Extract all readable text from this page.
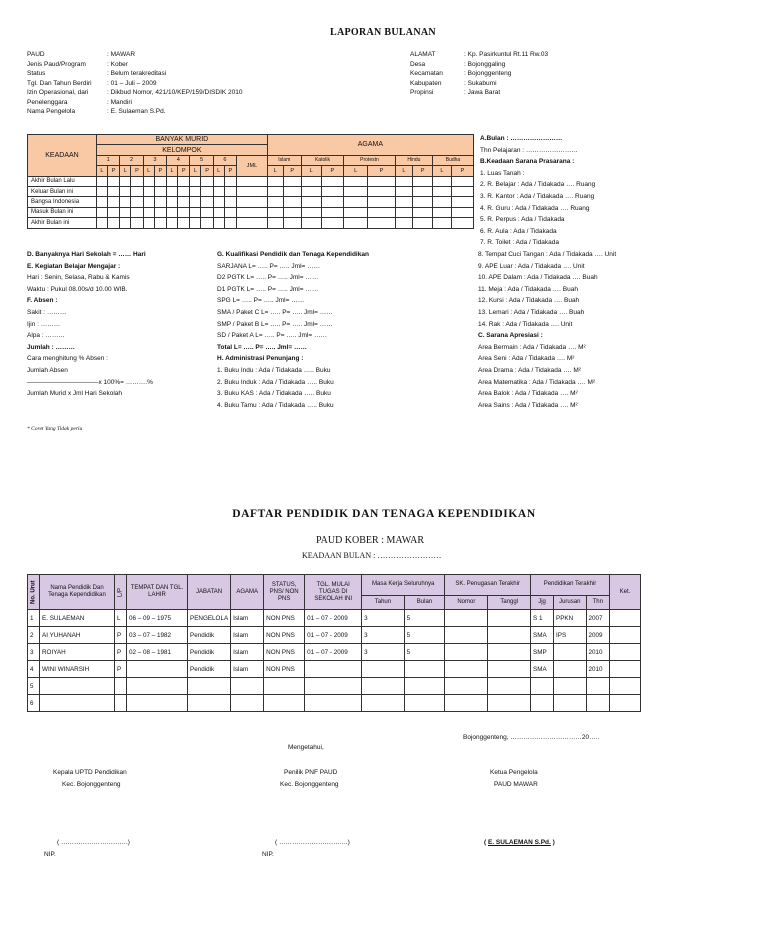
LAPORAN BULANAN
PAUD	: MAWAR
Jenis Paud/Program	: Kober
Status	: Belum terakreditasi
Tgl. Dan Tahun Berdiri	: 01 – Juli – 2009
Izin Operasional, dari	: Dikbud Nomor, 421/10/KEP/159/DISDIK 2010
Penelenggara	: Mandiri
Nama Pengelola	: E. Sulaeman S.Pd.
ALAMAT	: Kp. Pasirkuntul Rt.11 Rw.03
Desa	: Bojonggaling
Kecamatan	: Bojonggenteng
Kabupaten	: Sukabumi
Propinsi	: Jawa Barat
KEADAAN	BANYAK MURID													AGAMA									
	KELOMPOK																						
	1		2		3		4		5		6		JML	Islam		Katolik		Protestn		Hindu		Budha	
	L	P	L	P	L	P	L	P	L	P	L	P		L	P	L	P	L	P	L	P	L	P
Akhir Bulan Lalu																							
Keluar Bulan ini																							
Bangsa Indonesia																							
Masuk Bulan ini																							
Akhir Bulan ini																							
A.Bulan : ……………………
Thn Pelajaran : ……………………
B.Keadaan Sarana Prasarana :
1. Luas Tanah :
2. R. Belajar : Ada / Tidakada …. Ruang
3. R. Kantor : Ada / Tidakada …. Ruang
4. R. Guru : Ada / Tidakada …. Ruang
5. R. Perpus : Ada / Tidakada
6. R. Aula : Ada / Tidakada
7. R. Toilet : Ada / Tidakada
D. Banyaknya Hari Sekolah = …… Hari
E. Kegiatan Belajar Mengajar :
Hari : Senin, Selasa, Rabu & Kamis
Waktu : Pukul 08.00s/d 10.00 WIB.
F. Absen :
Sakit : ………
Ijin : ………
Alpa : ………
Jumlah : ………
Cara menghitung % Absen :
Jumlah Absen
———————————x 100%= ……….%
Jumlah Murid x Jml Hari Sekolah
G. Kualifikasi Pendidik dan Tenaga Kependidikan
SARJANA L= ….. P= ….. Jml= ……
D2 PGTK L= ….. P= ….. Jml= ……
D1 PGTK L= ….. P= ….. Jml= ……
SPG L= ….. P= ….. Jml= ……
SMA / Paket C L= ….. P= ….. Jml= ……
SMP / Paket B L= ….. P= ….. Jml= ……
SD / Paket A L= ….. P= ….. Jml= ……
Total L= ….. P= ….. Jml= ……
H. Administrasi Penunjang :
1. Buku Indu : Ada / Tidakada ….. Buku
2. Buku Induk : Ada / Tidakada ….. Buku
3. Buku KAS : Ada / Tidakada ….. Buku
4. Buku Tamu : Ada / Tidakada ….. Buku
8. Tempat Cuci Tangan : Ada / Tidakada …. Unit
9. APE Luar : Ada / Tidakada …. Unit
10. APE Dalam : Ada / Tidakada …. Buah
11. Meja : Ada / Tidakada …. Buah
12. Kursi : Ada / Tidakada …. Buah
13. Lemari : Ada / Tidakada …. Buah
14. Rak : Ada / Tidakada …. Unit
C. Sarana Apresiasi :
Area Bermain : Ada / Tidakada …. M²
Area Seni : Ada / Tidakada …. M²
Area Drama : Ada / Tidakada …. M²
Area Matematika : Ada / Tidakada …. M²
Area Balok : Ada / Tidakada …. M²
Area Sains : Ada / Tidakada …. M²
* Coret Yang Tidak perlu
DAFTAR PENDIDIK DAN TENAGA KEPENDIDIKAN
PAUD KOBER : MAWAR
KEADAAN BULAN : ……………………
No. Urut	Nama Pendidik Dan Tenaga Kependidikan	L/P	TEMPAT DAN TGL. LAHIR	JABATAN	AGAMA	STATUS, PNS/ NON PNS	TGL. MULAI TUGAS DI SEKOLAH INI	Masa Kerja Seluruhnya		SK. Penugasan Terakhir		Pendidikan Terakhir			Ket.
								Tahun	Bulan	Nomor	Tanggl	Jjg	Jurusan	Thn	
1	E. SULAEMAN	L	06 – 09 – 1975	PENGELOLA	Islam	NON PNS	01 – 07 - 2009	3	5			S 1	PPKN	2007	
2	AI YUHANAH	P	03 – 07 – 1982	Pendidik	Islam	NON PNS	01 – 07 - 2009	3	5			SMA	IPS	2009	
3	ROIYAH	P	02 – 08 – 1981	Pendidik	Islam	NON PNS	01 – 07 - 2009	3	5			SMP		2010	
4	WINI WINARSIH	P		Pendidik	Islam	NON PNS						SMA		2010	
5															
6															
Bojonggenteng, ……………………………20…..
Mengetahui,
Kepala UPTD Pendidikan
Kec. Bojonggenteng
Penilik PNF PAUD
Kec. Bojonggenteng
Ketua Pengelola
PAUD MAWAR
( ………………………….)	( …………………………..)	( E. SULAEMAN S.Pd. )
NIP.	NIP.
